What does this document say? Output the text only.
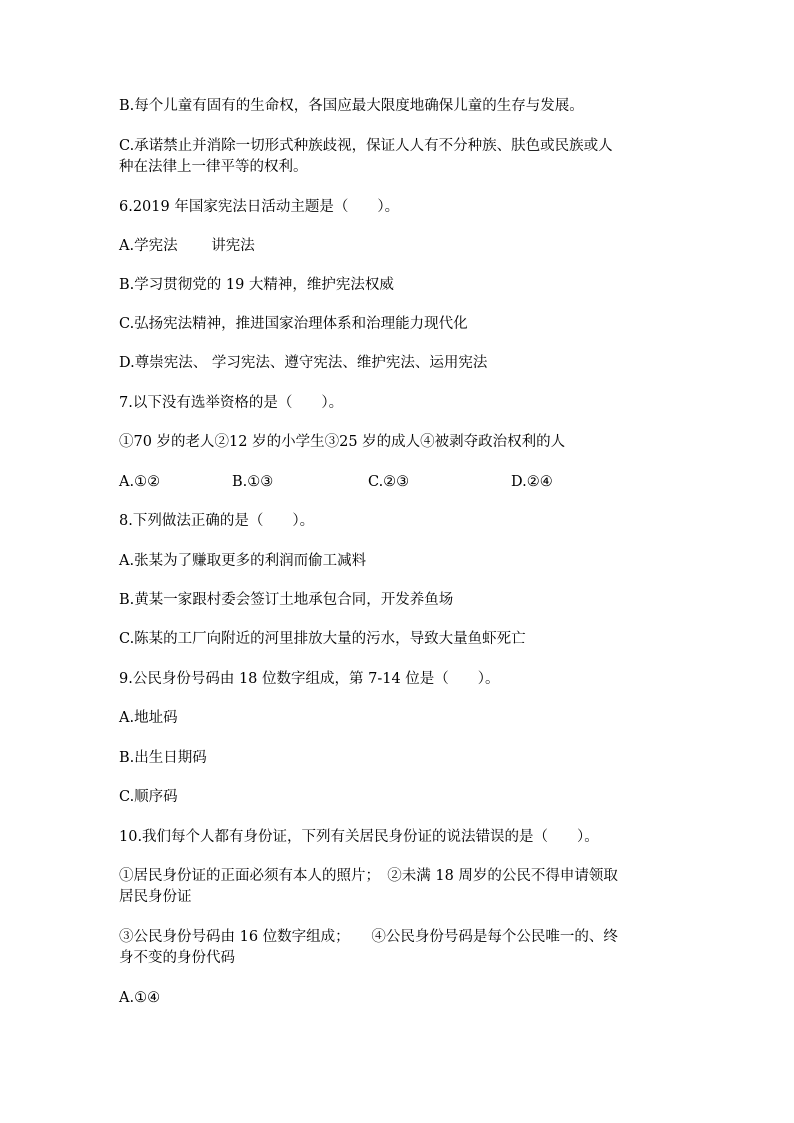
B.每个儿童有固有的生命权，各国应最大限度地确保儿童的生存与发展。
C.承诺禁止并消除一切形式种族歧视，保证人人有不分种族、肤色或民族或人
种在法律上一律平等的权利。
6.2019 年国家宪法日活动主题是（　　）。
A.学宪法　　 讲宪法
B.学习贯彻党的 19 大精神，维护宪法权威
C.弘扬宪法精神，推进国家治理体系和治理能力现代化
D.尊崇宪法、 学习宪法、遵守宪法、维护宪法、运用宪法
7.以下没有选举资格的是（　　）。
①70 岁的老人②12 岁的小学生③25 岁的成人④被剥夺政治权利的人
A.①②	B.①③	C.②③	D.②④
8.下列做法正确的是（　　）。
A.张某为了赚取更多的利润而偷工减料
B.黄某一家跟村委会签订土地承包合同，开发养鱼场
C.陈某的工厂向附近的河里排放大量的污水，导致大量鱼虾死亡
9.公民身份号码由 18 位数字组成，第 7-14 位是（　　）。
A.地址码
B.出生日期码
C.顺序码
10.我们每个人都有身份证，下列有关居民身份证的说法错误的是（　　）。
①居民身份证的正面必须有本人的照片；　②未满 18 周岁的公民不得申请领取
居民身份证
③公民身份号码由 16 位数字组成；　　④公民身份号码是每个公民唯一的、终
身不变的身份代码
A.①④
